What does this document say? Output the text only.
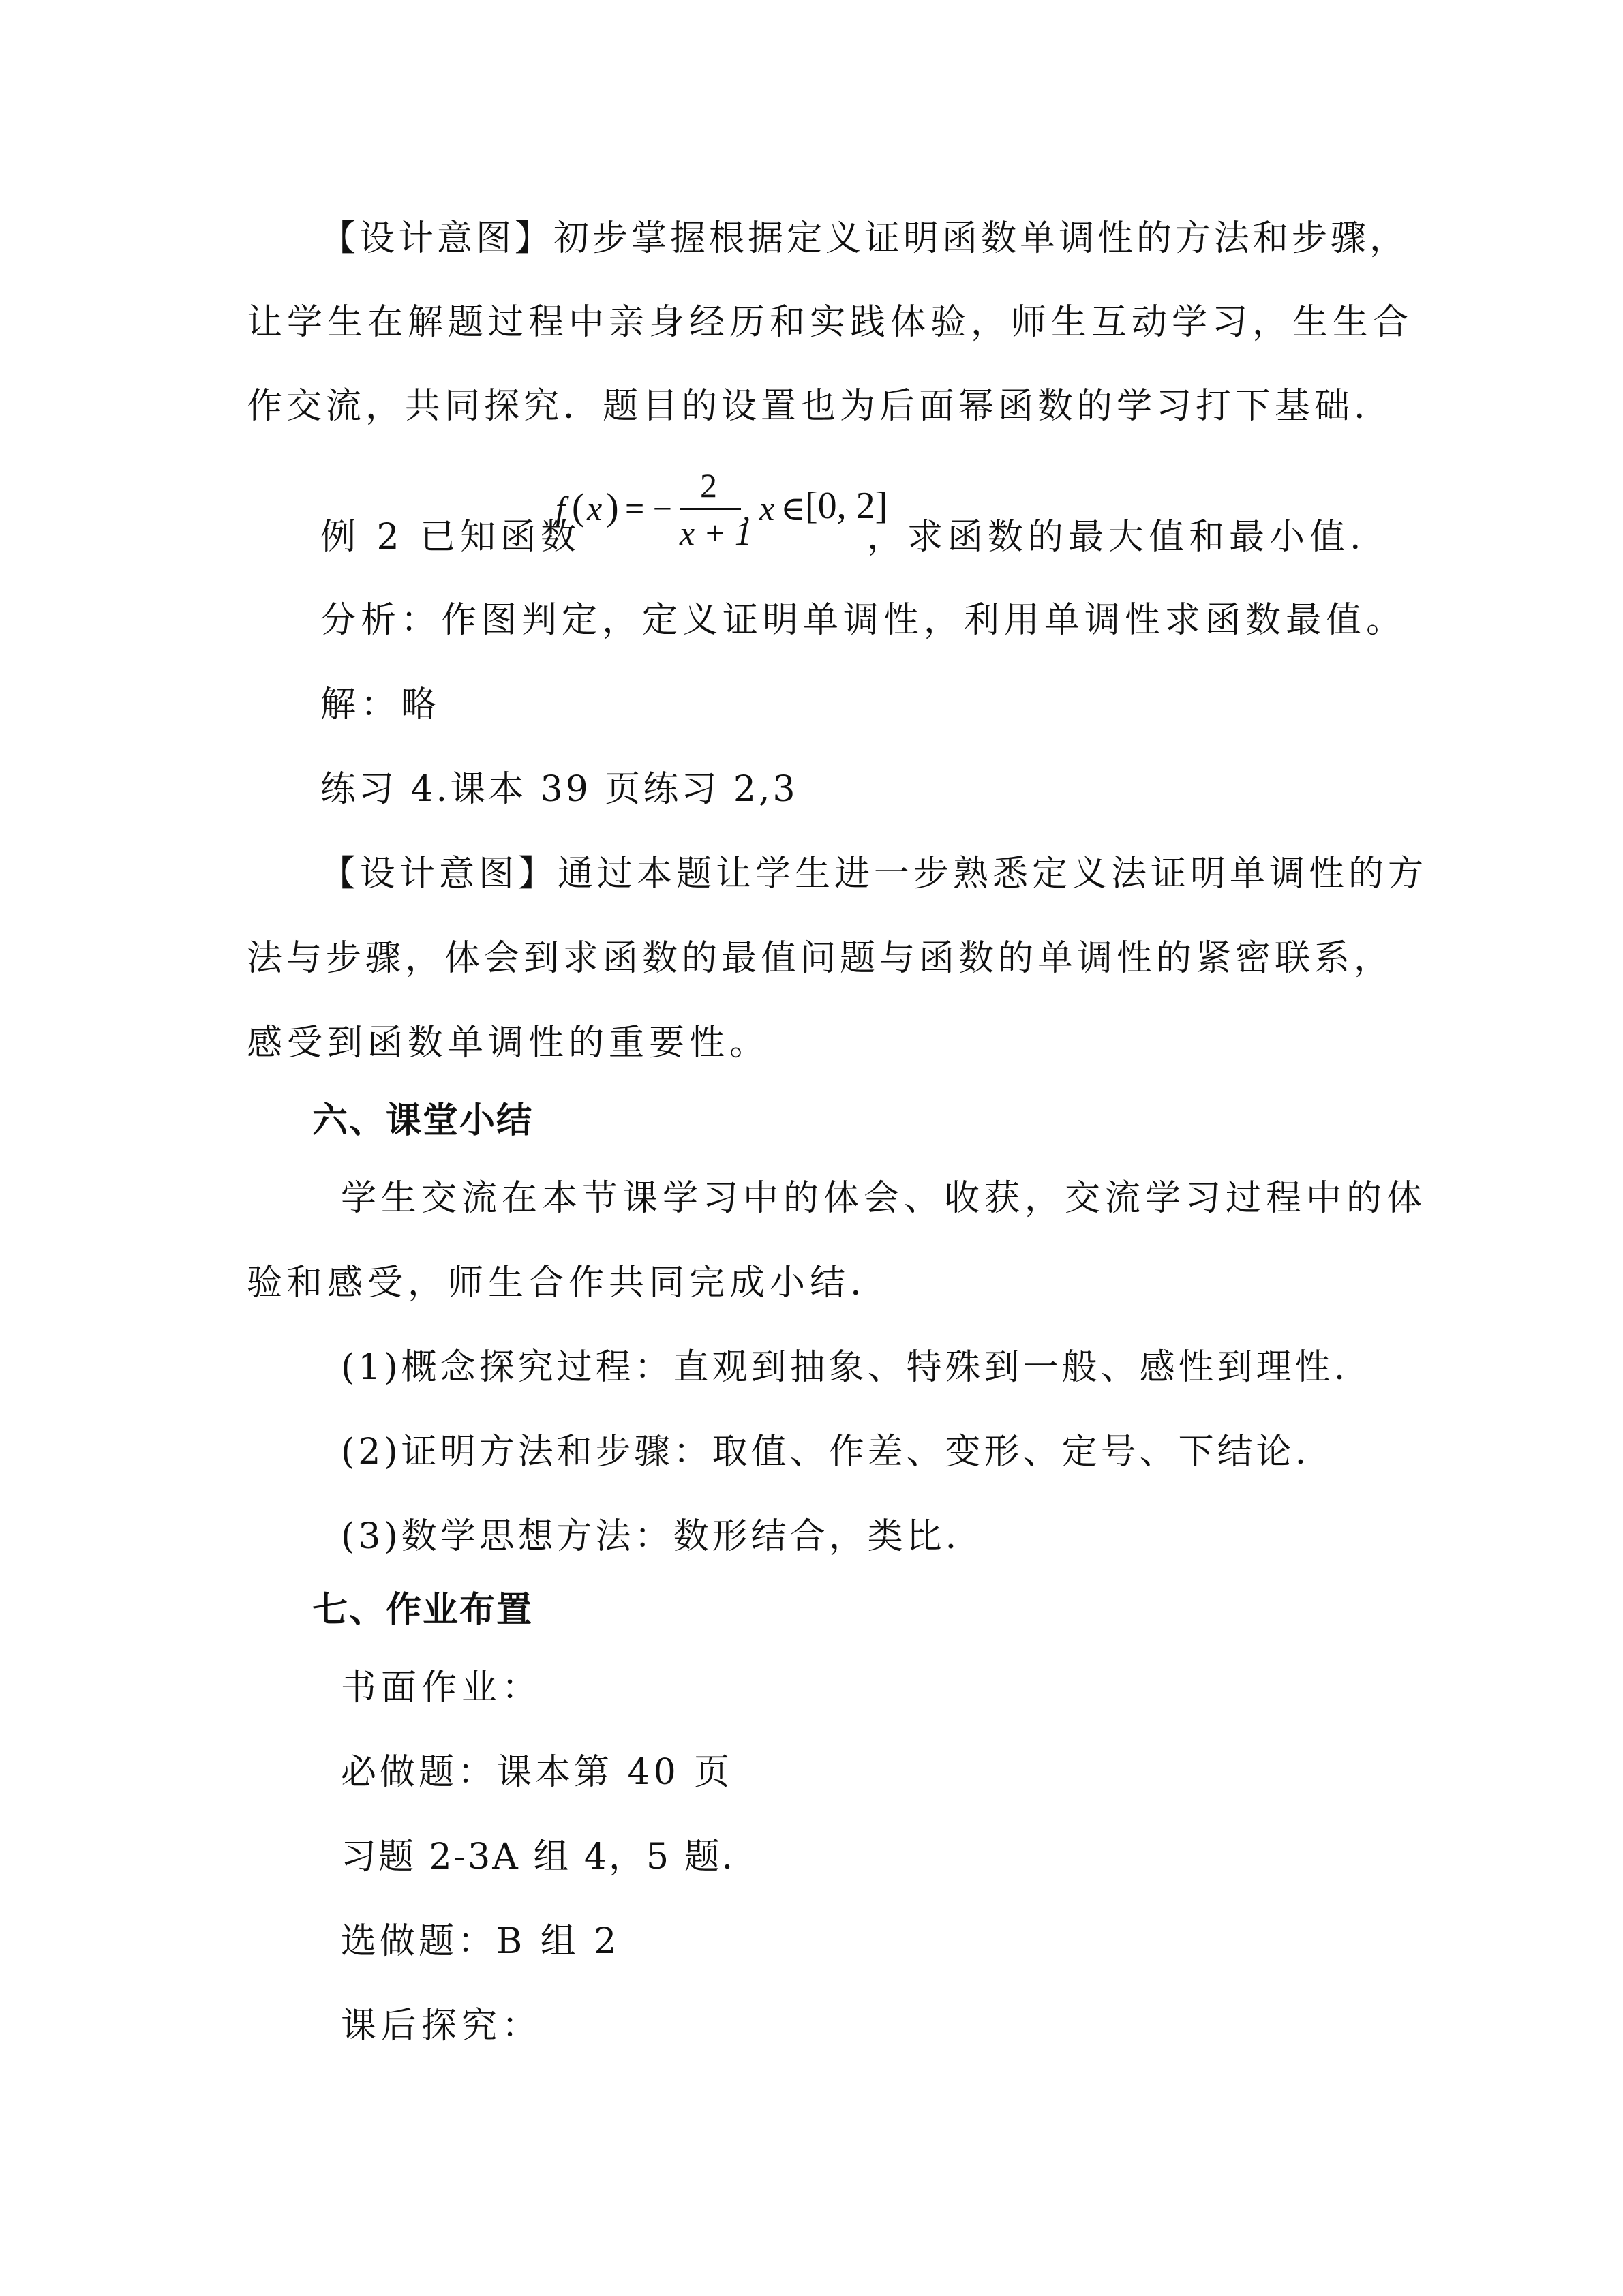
【设计意图】初步掌握根据定义证明函数单调性的方法和步骤，
让学生在解题过程中亲身经历和实践体验，师生互动学习，生生合
作交流，共同探究．题目的设置也为后面幂函数的学习打下基础.
例 2 已知函数
f ( x ) = −
2
x + 1
, x ∈
[0, 2]
，求函数的最大值和最小值.
分析：作图判定，定义证明单调性，利用单调性求函数最值。
解：略
练习 4.课本 39 页练习 2,3
【设计意图】通过本题让学生进一步熟悉定义法证明单调性的方
法与步骤，体会到求函数的最值问题与函数的单调性的紧密联系，
感受到函数单调性的重要性。
六、课堂小结
学生交流在本节课学习中的体会、收获，交流学习过程中的体
验和感受，师生合作共同完成小结.
(1)概念探究过程：直观到抽象、特殊到一般、感性到理性.
(2)证明方法和步骤：取值、作差、变形、定号、下结论.
(3)数学思想方法：数形结合，类比.
七、作业布置
书面作业：
必做题：课本第 40 页
习题 2-3A 组 4，5 题.
选做题：B 组 2
课后探究：
